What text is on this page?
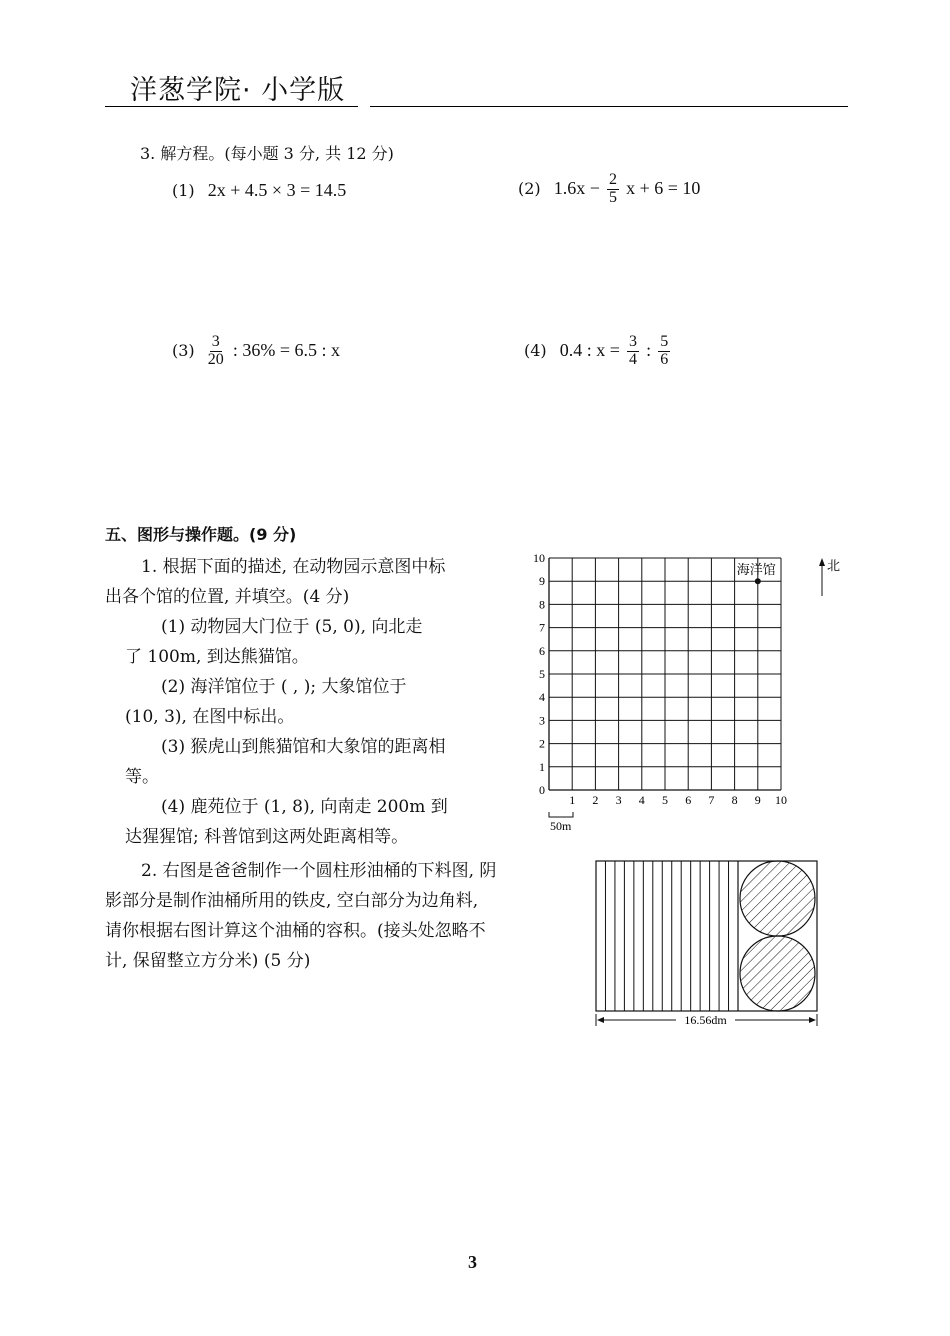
洋葱学院· 小学版
3. 解方程。(每小题 3 分, 共 12 分)
(1) 2x + 4.5 × 3 = 14.5	(2) $1.6x - \frac{2}{5}$ x + 6 = 10
$(3) \frac{3}{20}$ : 36% = 6.5 : x	(4) 0.4 : $x = \frac{3}{4}$ : $\frac{5}{6}$
五、图形与操作题。(9 分)
1. 根据下面的描述, 在动物园示意图中标
出各个馆的位置, 并填空。(4 分)
(1) 动物园大门位于 (5, 0), 向北走
了 100m, 到达熊猫馆。
(2) 海洋馆位于 ( , ); 大象馆位于
(10, 3), 在图中标出。
(3) 猴虎山到熊猫馆和大象馆的距离相
等。
(4) 鹿苑位于 (1, 8), 向南走 200m 到
达猩猩馆; 科普馆到这两处距离相等。
2. 右图是爸爸制作一个圆柱形油桶的下料图, 阴
影部分是制作油桶所用的铁皮, 空白部分为边角料,
请你根据右图计算这个油桶的容积。(接头处忽略不
计, 保留整立方分米) (5 分)
0
1
2
3
4
5
6
7
8
9
10
1 2 3 4 5 6 7 8 9 10
海洋馆	北
50m
16.56dm
3
